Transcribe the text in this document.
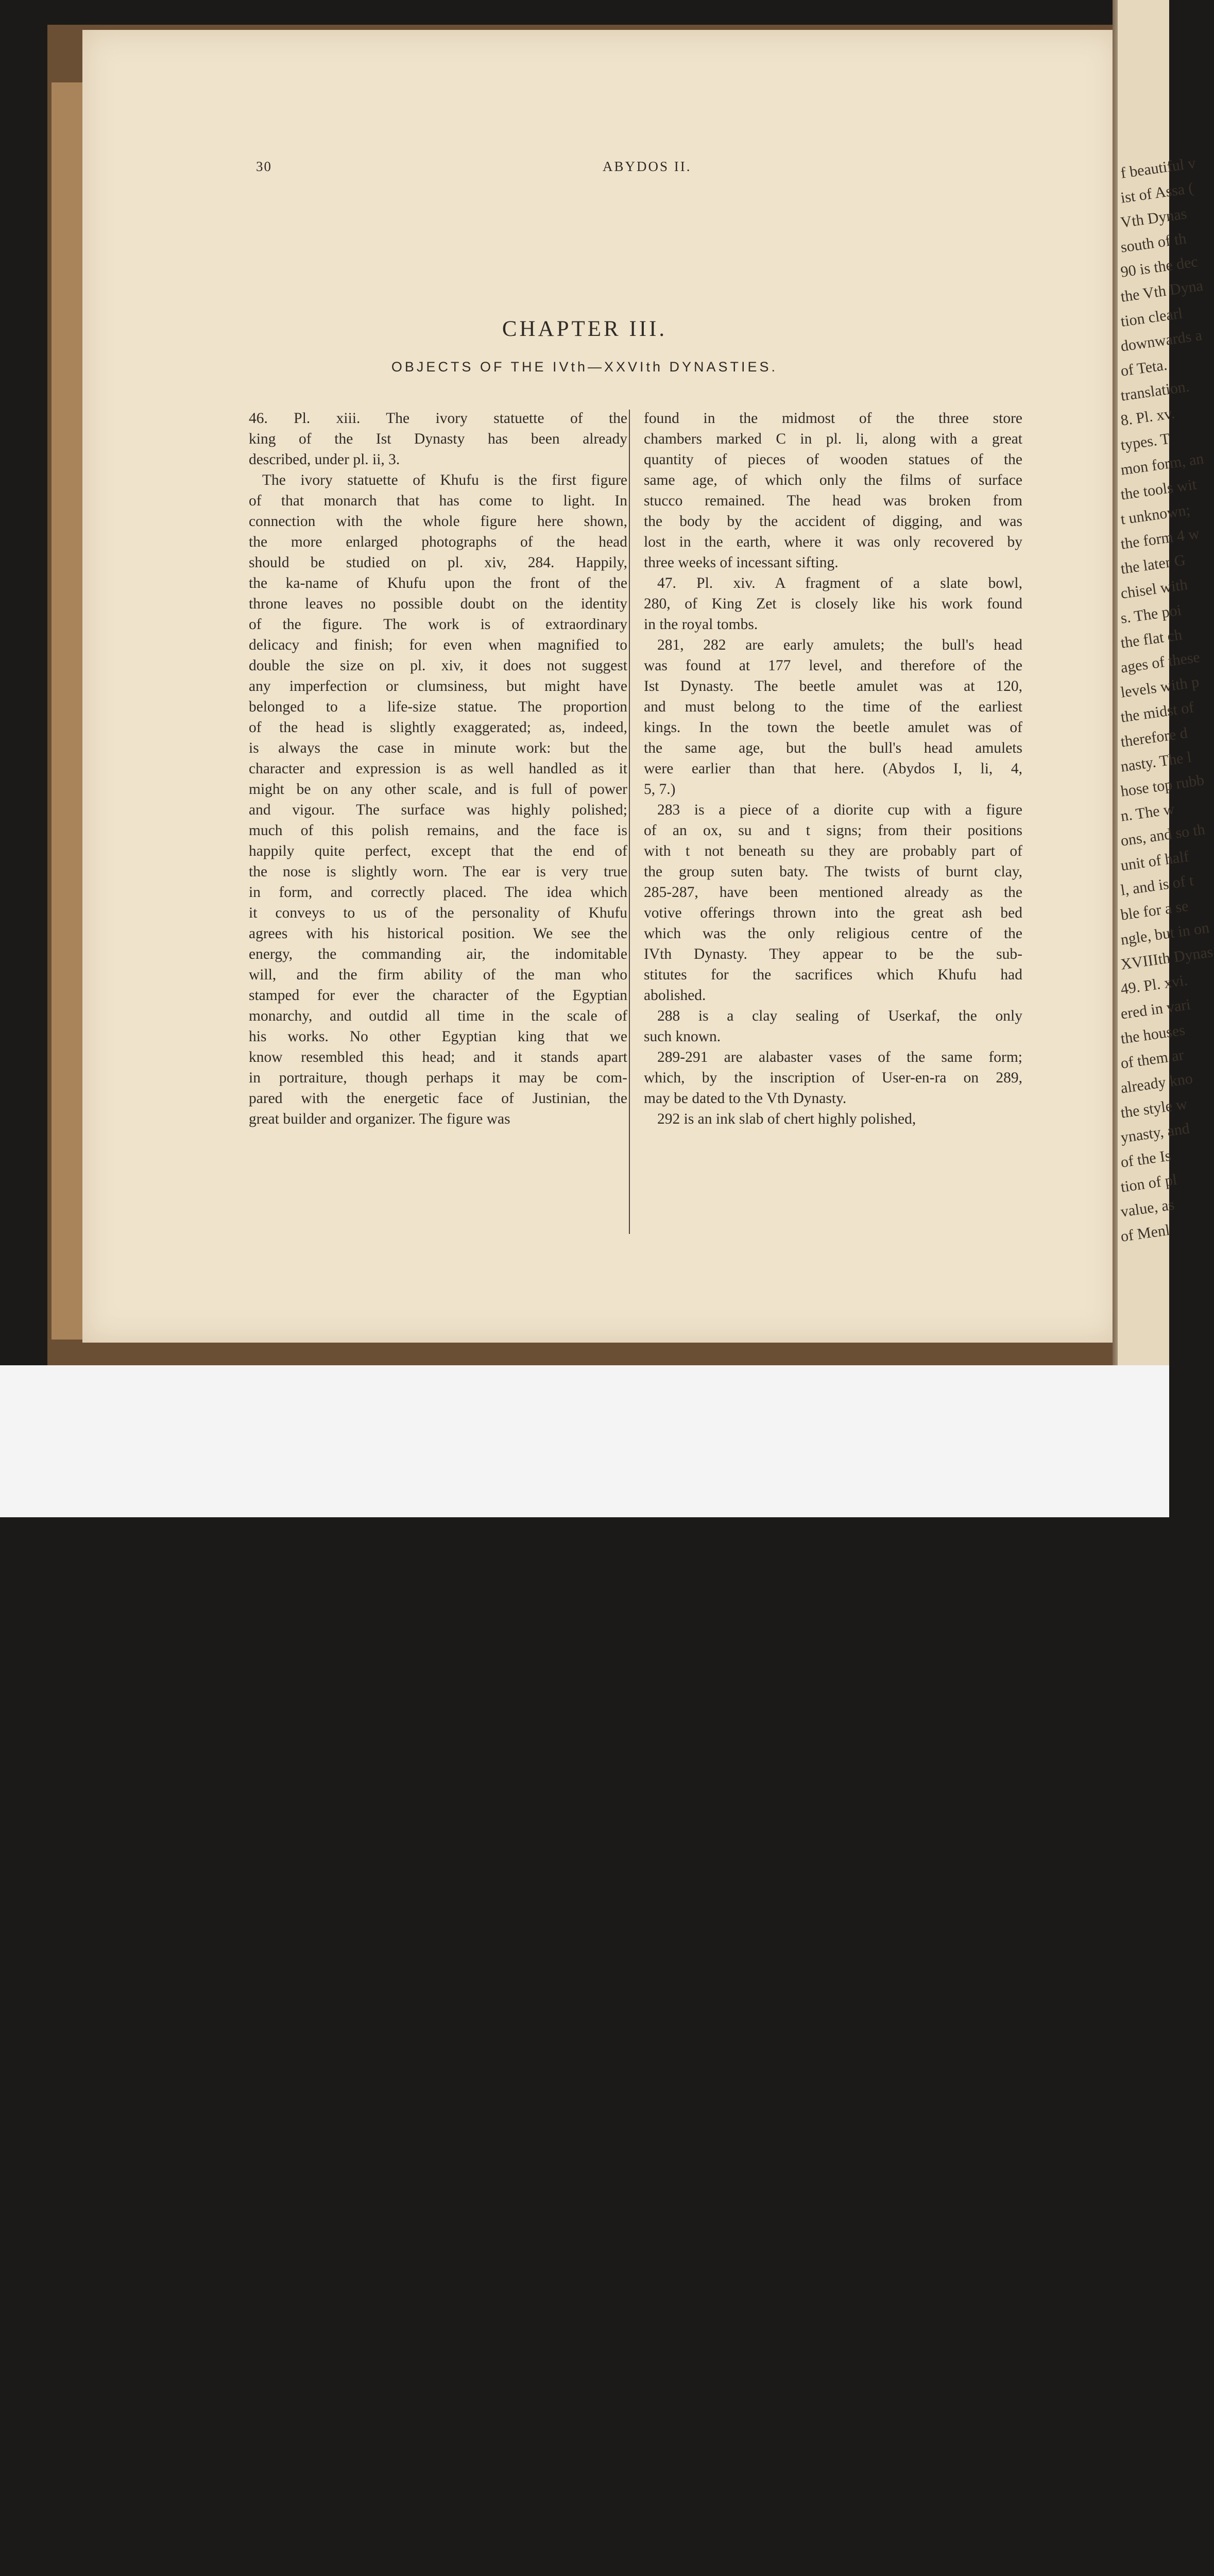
f beautiful v
ist of Assa (
Vth Dynas
south of th
90 is the dec
the Vth Dyna
tion clearl
downwards a
of Teta.
translation.
8. Pl. xv.
types. T
mon form, an
the tools wit
t unknown;
the form 4 w
the later G
chisel with
s. The poi
the flat ch
ages of these
levels with p
the midst of
therefore d
nasty. The l
hose top rubb
n. The w
ons, and so th
unit of half
l, and is of t
ble for a se
ngle, but in on
XVIIIth Dynas
49. Pl. xvi.
ered in vari
the houses
of them ar
already kno
the style w
ynasty, and
of the Is
tion of pl
value, as
of Menl
30	ABYDOS II.
CHAPTER III.
OBJECTS OF THE IVth—XXVIth DYNASTIES.
46. Pl. xiii. The ivory statuette of the
king of the Ist Dynasty has been already
described, under pl. ii, 3.
The ivory statuette of Khufu is the first figure
of that monarch that has come to light. In
connection with the whole figure here shown,
the more enlarged photographs of the head
should be studied on pl. xiv, 284. Happily,
the ka-name of Khufu upon the front of the
throne leaves no possible doubt on the identity
of the figure. The work is of extraordinary
delicacy and finish; for even when magnified to
double the size on pl. xiv, it does not suggest
any imperfection or clumsiness, but might have
belonged to a life-size statue. The proportion
of the head is slightly exaggerated; as, indeed,
is always the case in minute work: but the
character and expression is as well handled as it
might be on any other scale, and is full of power
and vigour. The surface was highly polished;
much of this polish remains, and the face is
happily quite perfect, except that the end of
the nose is slightly worn. The ear is very true
in form, and correctly placed. The idea which
it conveys to us of the personality of Khufu
agrees with his historical position. We see the
energy, the commanding air, the indomitable
will, and the firm ability of the man who
stamped for ever the character of the Egyptian
monarchy, and outdid all time in the scale of
his works. No other Egyptian king that we
know resembled this head; and it stands apart
in portraiture, though perhaps it may be com-
pared with the energetic face of Justinian, the
great builder and organizer. The figure was
found in the midmost of the three store
chambers marked C in pl. li, along with a great
quantity of pieces of wooden statues of the
same age, of which only the films of surface
stucco remained. The head was broken from
the body by the accident of digging, and was
lost in the earth, where it was only recovered by
three weeks of incessant sifting.
47. Pl. xiv. A fragment of a slate bowl,
280, of King Zet is closely like his work found
in the royal tombs.
281, 282 are early amulets; the bull's head
was found at 177 level, and therefore of the
Ist Dynasty. The beetle amulet was at 120,
and must belong to the time of the earliest
kings. In the town the beetle amulet was of
the same age, but the bull's head amulets
were earlier than that here. (Abydos I, li, 4,
5, 7.)
283 is a piece of a diorite cup with a figure
of an ox, su and t signs; from their positions
with t not beneath su they are probably part of
the group suten baty. The twists of burnt clay,
285-287, have been mentioned already as the
votive offerings thrown into the great ash bed
which was the only religious centre of the
IVth Dynasty. They appear to be the sub-
stitutes for the sacrifices which Khufu had
abolished.
288 is a clay sealing of Userkaf, the only
such known.
289-291 are alabaster vases of the same form;
which, by the inscription of User-en-ra on 289,
may be dated to the Vth Dynasty.
292 is an ink slab of chert highly polished,
